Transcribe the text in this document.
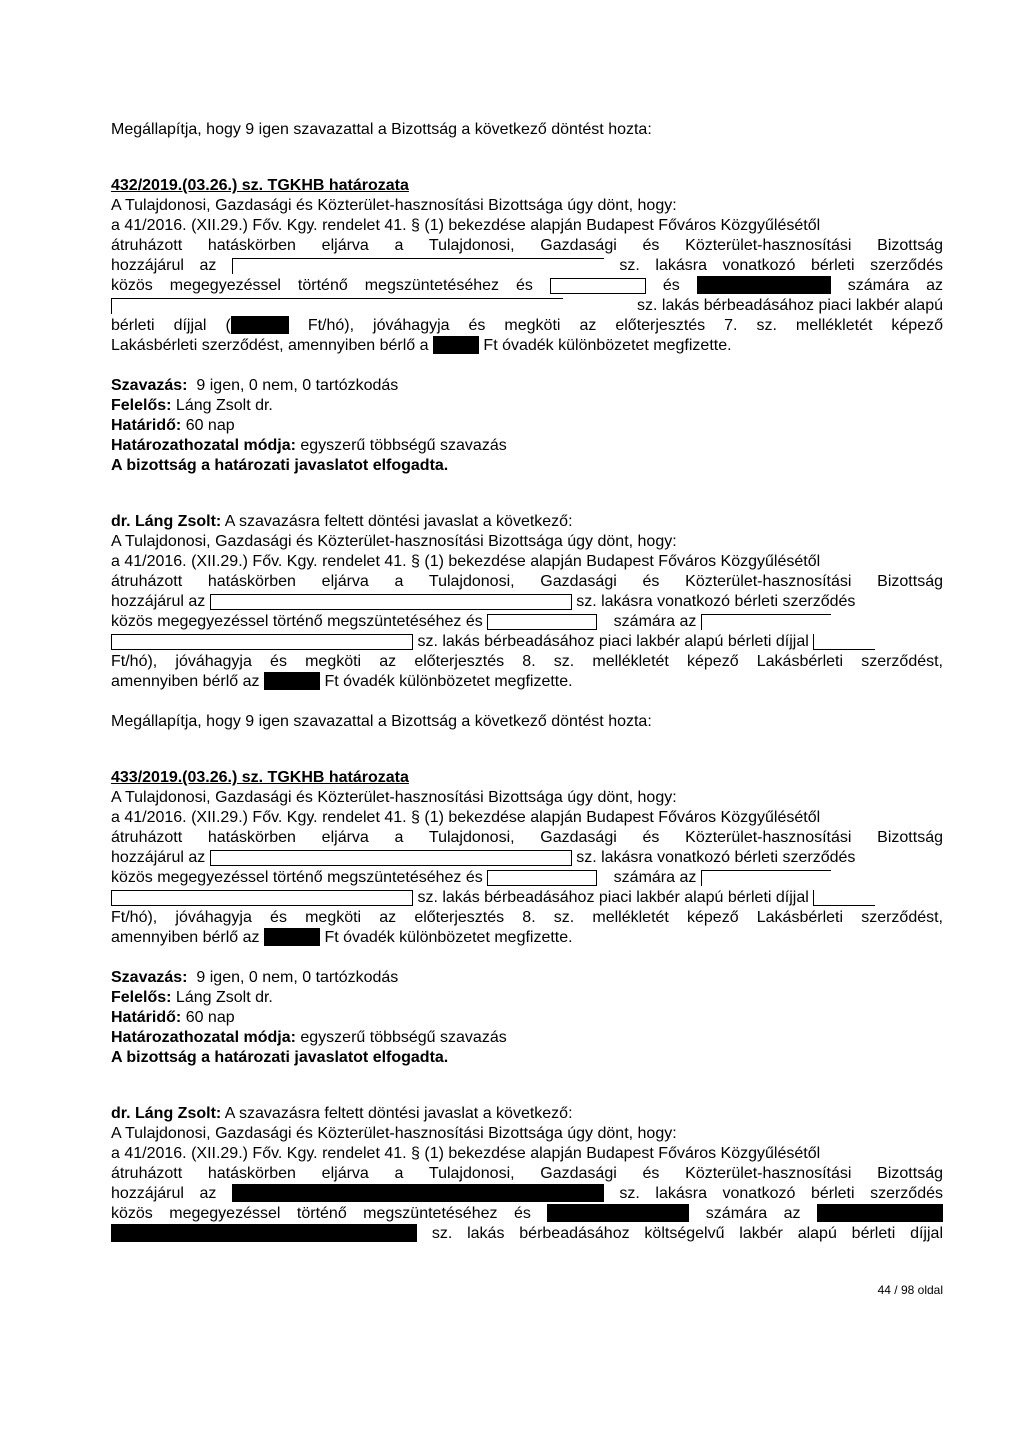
Megállapítja, hogy 9 igen szavazattal a Bizottság a következő döntést hozta:
432/2019.(03.26.) sz. TGKHB határozata
A Tulajdonosi, Gazdasági és Közterület-hasznosítási Bizottsága úgy dönt, hogy:
a 41/2016. (XII.29.) Főv. Kgy. rendelet 41. § (1) bekezdése alapján Budapest Főváros Közgyűlésétől
átruházott hatáskörben eljárva a Tulajdonosi, Gazdasági és Közterület-hasznosítási Bizottság
hozzájárul az	sz. lakásra vonatkozó bérleti szerződés
közös megegyezéssel történő megszüntetéséhez és	és	számára az
sz. lakás bérbeadásához piaci lakbér alapú
bérleti díjjal (	Ft/hó), jóváhagyja és megköti az előterjesztés 7. sz. mellékletét képező
Lakásbérleti szerződést, amennyiben bérlő a	Ft óvadék különbözetet megfizette.
Szavazás: 9 igen, 0 nem, 0 tartózkodás
Felelős: Láng Zsolt dr.
Határidő: 60 nap
Határozathozatal módja: egyszerű többségű szavazás
A bizottság a határozati javaslatot elfogadta.
dr. Láng Zsolt: A szavazásra feltett döntési javaslat a következő:
A Tulajdonosi, Gazdasági és Közterület-hasznosítási Bizottsága úgy dönt, hogy:
a 41/2016. (XII.29.) Főv. Kgy. rendelet 41. § (1) bekezdése alapján Budapest Főváros Közgyűlésétől
átruházott hatáskörben eljárva a Tulajdonosi, Gazdasági és Közterület-hasznosítási Bizottság
hozzájárul az	sz. lakásra vonatkozó bérleti szerződés
közös megegyezéssel történő megszüntetéséhez és	számára az
sz. lakás bérbeadásához piaci lakbér alapú bérleti díjjal
Ft/hó), jóváhagyja és megköti az előterjesztés 8. sz. mellékletét képező Lakásbérleti szerződést,
amennyiben bérlő az	Ft óvadék különbözetet megfizette.
Megállapítja, hogy 9 igen szavazattal a Bizottság a következő döntést hozta:
433/2019.(03.26.) sz. TGKHB határozata
A Tulajdonosi, Gazdasági és Közterület-hasznosítási Bizottsága úgy dönt, hogy:
a 41/2016. (XII.29.) Főv. Kgy. rendelet 41. § (1) bekezdése alapján Budapest Főváros Közgyűlésétől
átruházott hatáskörben eljárva a Tulajdonosi, Gazdasági és Közterület-hasznosítási Bizottság
hozzájárul az	sz. lakásra vonatkozó bérleti szerződés
közös megegyezéssel történő megszüntetéséhez és	számára az
sz. lakás bérbeadásához piaci lakbér alapú bérleti díjjal
Ft/hó), jóváhagyja és megköti az előterjesztés 8. sz. mellékletét képező Lakásbérleti szerződést,
amennyiben bérlő az	Ft óvadék különbözetet megfizette.
Szavazás: 9 igen, 0 nem, 0 tartózkodás
Felelős: Láng Zsolt dr.
Határidő: 60 nap
Határozathozatal módja: egyszerű többségű szavazás
A bizottság a határozati javaslatot elfogadta.
dr. Láng Zsolt: A szavazásra feltett döntési javaslat a következő:
A Tulajdonosi, Gazdasági és Közterület-hasznosítási Bizottsága úgy dönt, hogy:
a 41/2016. (XII.29.) Főv. Kgy. rendelet 41. § (1) bekezdése alapján Budapest Főváros Közgyűlésétől
átruházott hatáskörben eljárva a Tulajdonosi, Gazdasági és Közterület-hasznosítási Bizottság
hozzájárul az	sz. lakásra vonatkozó bérleti szerződés
közös megegyezéssel történő megszüntetéséhez és	számára az
sz. lakás bérbeadásához költségelvű lakbér alapú bérleti díjjal
44 / 98 oldal
